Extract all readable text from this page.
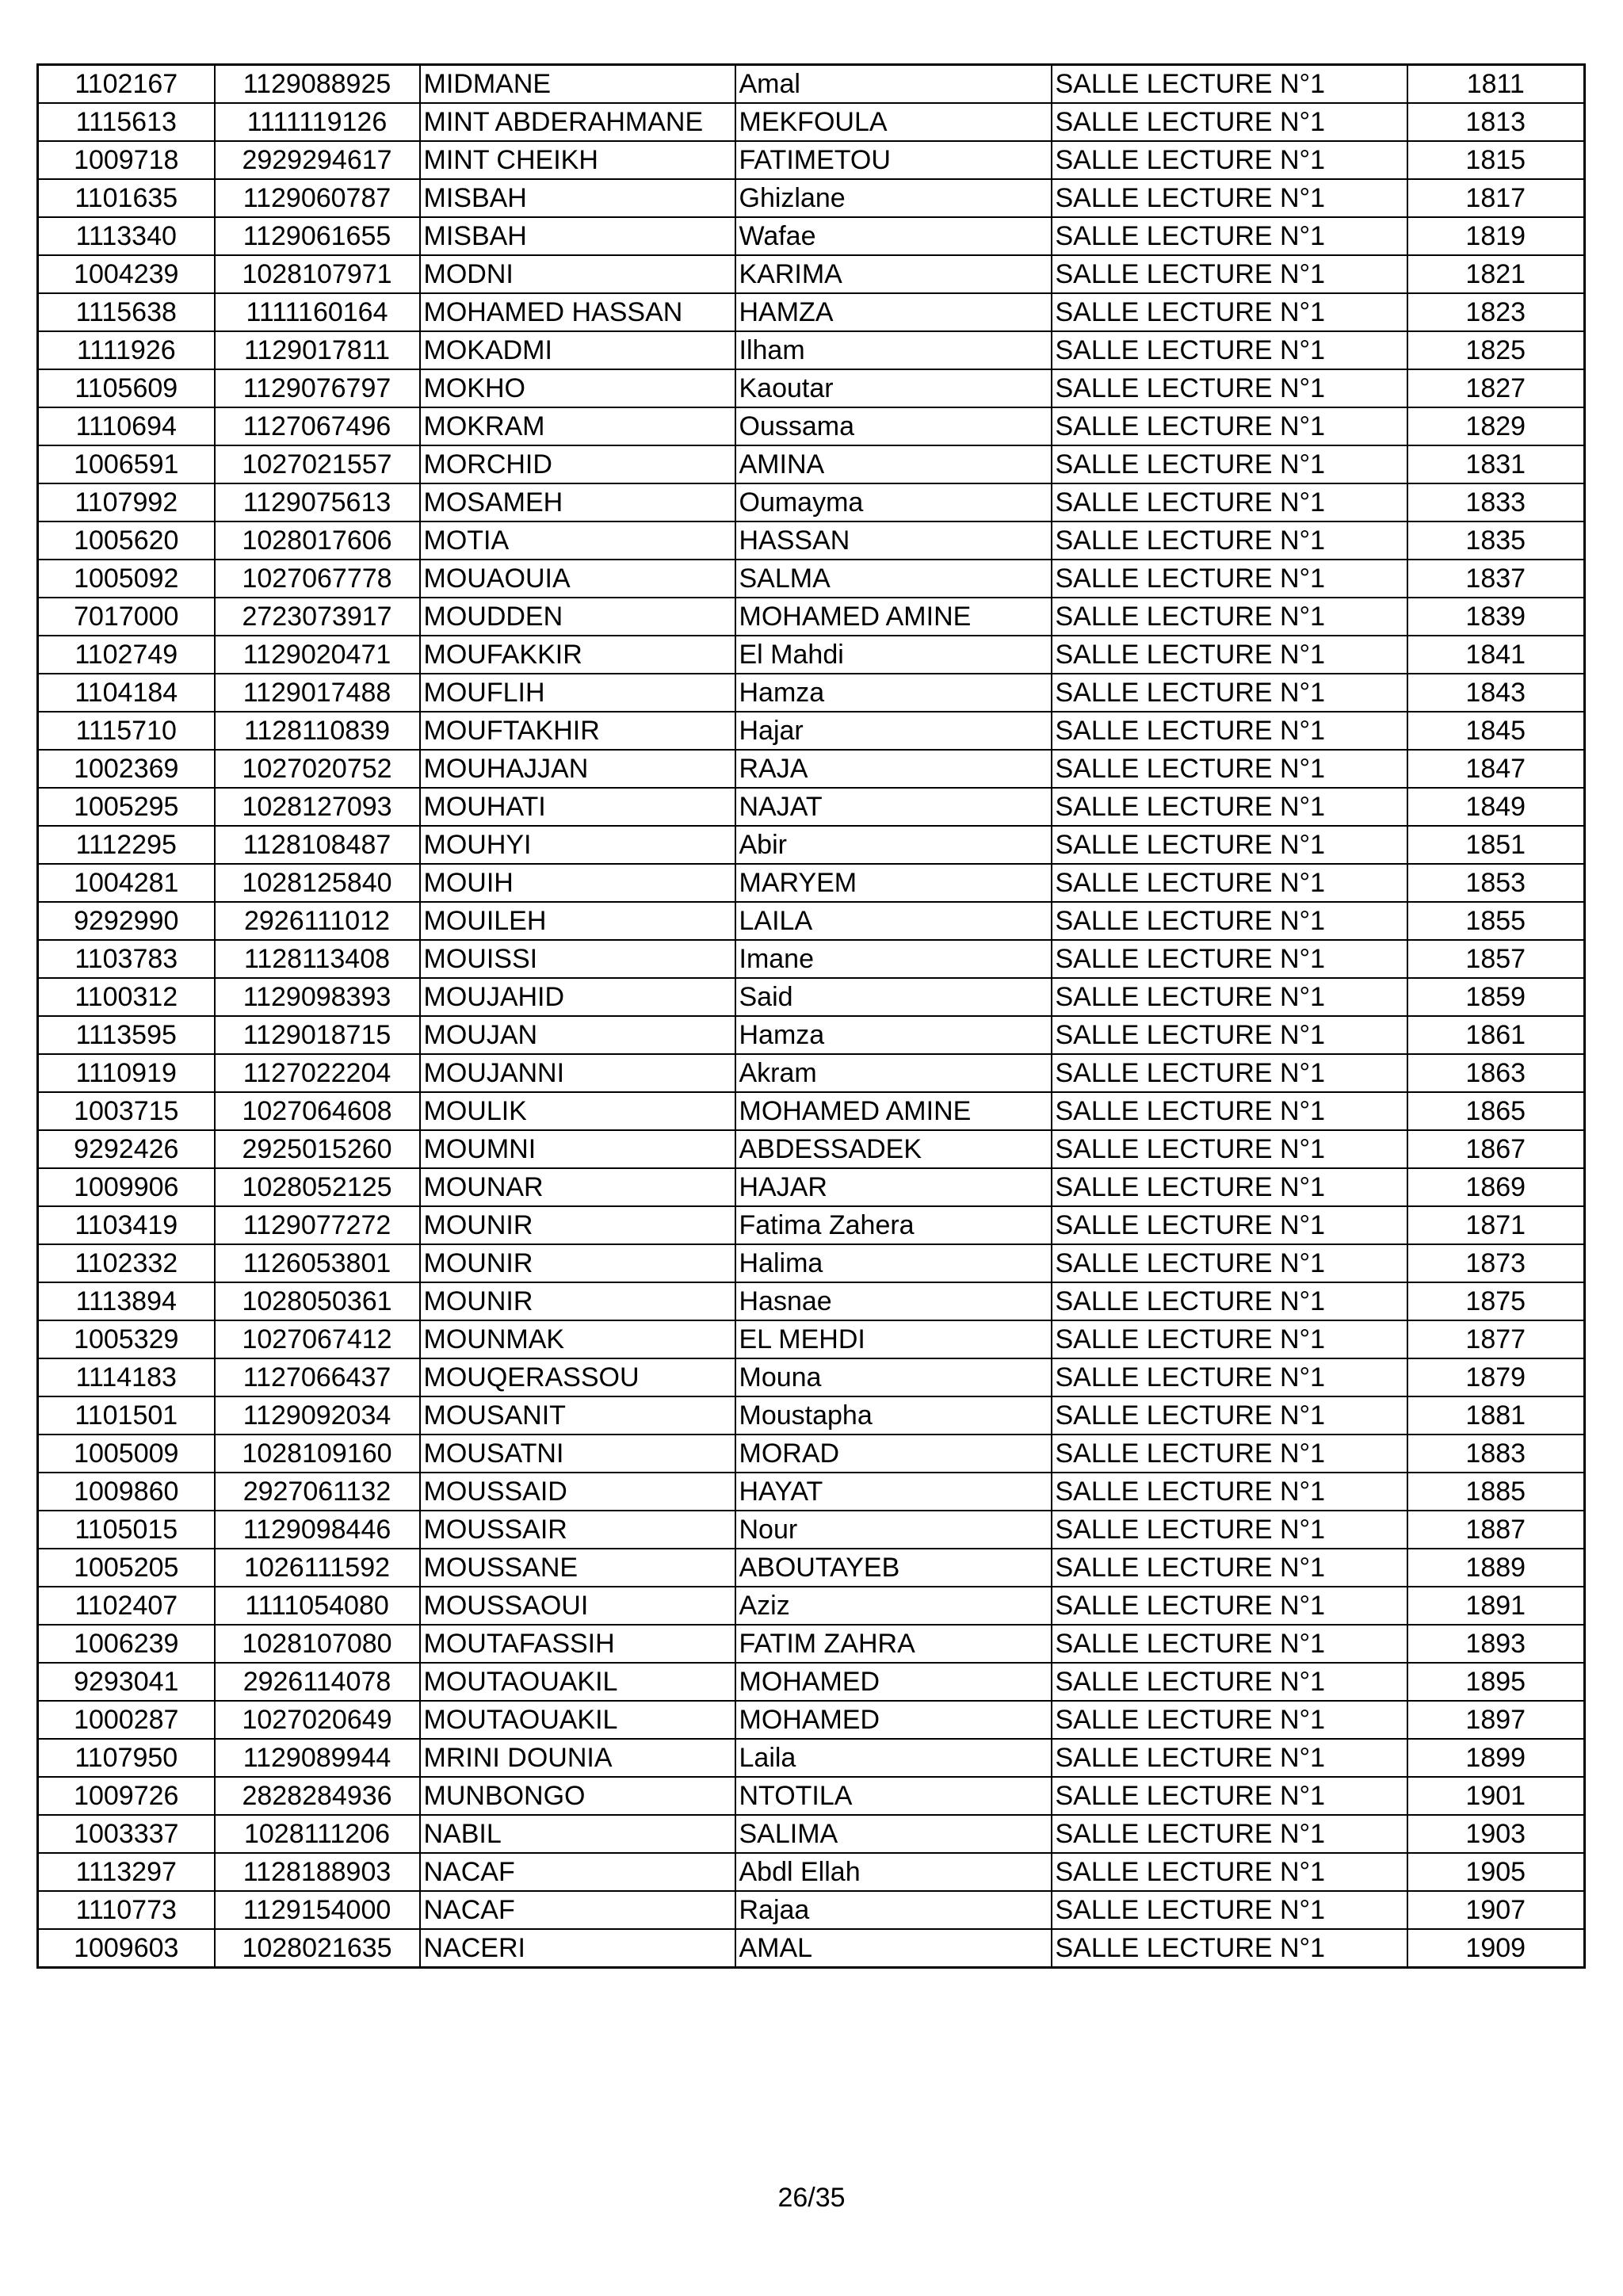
1102167	1129088925	MIDMANE	Amal	SALLE LECTURE N°1	1811
1115613	1111119126	MINT ABDERAHMANE	MEKFOULA	SALLE LECTURE N°1	1813
1009718	2929294617	MINT CHEIKH	FATIMETOU	SALLE LECTURE N°1	1815
1101635	1129060787	MISBAH	Ghizlane	SALLE LECTURE N°1	1817
1113340	1129061655	MISBAH	Wafae	SALLE LECTURE N°1	1819
1004239	1028107971	MODNI	KARIMA	SALLE LECTURE N°1	1821
1115638	1111160164	MOHAMED HASSAN	HAMZA	SALLE LECTURE N°1	1823
1111926	1129017811	MOKADMI	Ilham	SALLE LECTURE N°1	1825
1105609	1129076797	MOKHO	Kaoutar	SALLE LECTURE N°1	1827
1110694	1127067496	MOKRAM	Oussama	SALLE LECTURE N°1	1829
1006591	1027021557	MORCHID	AMINA	SALLE LECTURE N°1	1831
1107992	1129075613	MOSAMEH	Oumayma	SALLE LECTURE N°1	1833
1005620	1028017606	MOTIA	HASSAN	SALLE LECTURE N°1	1835
1005092	1027067778	MOUAOUIA	SALMA	SALLE LECTURE N°1	1837
7017000	2723073917	MOUDDEN	MOHAMED AMINE	SALLE LECTURE N°1	1839
1102749	1129020471	MOUFAKKIR	El Mahdi	SALLE LECTURE N°1	1841
1104184	1129017488	MOUFLIH	Hamza	SALLE LECTURE N°1	1843
1115710	1128110839	MOUFTAKHIR	Hajar	SALLE LECTURE N°1	1845
1002369	1027020752	MOUHAJJAN	RAJA	SALLE LECTURE N°1	1847
1005295	1028127093	MOUHATI	NAJAT	SALLE LECTURE N°1	1849
1112295	1128108487	MOUHYI	Abir	SALLE LECTURE N°1	1851
1004281	1028125840	MOUIH	MARYEM	SALLE LECTURE N°1	1853
9292990	2926111012	MOUILEH	LAILA	SALLE LECTURE N°1	1855
1103783	1128113408	MOUISSI	Imane	SALLE LECTURE N°1	1857
1100312	1129098393	MOUJAHID	Said	SALLE LECTURE N°1	1859
1113595	1129018715	MOUJAN	Hamza	SALLE LECTURE N°1	1861
1110919	1127022204	MOUJANNI	Akram	SALLE LECTURE N°1	1863
1003715	1027064608	MOULIK	MOHAMED AMINE	SALLE LECTURE N°1	1865
9292426	2925015260	MOUMNI	ABDESSADEK	SALLE LECTURE N°1	1867
1009906	1028052125	MOUNAR	HAJAR	SALLE LECTURE N°1	1869
1103419	1129077272	MOUNIR	Fatima Zahera	SALLE LECTURE N°1	1871
1102332	1126053801	MOUNIR	Halima	SALLE LECTURE N°1	1873
1113894	1028050361	MOUNIR	Hasnae	SALLE LECTURE N°1	1875
1005329	1027067412	MOUNMAK	EL MEHDI	SALLE LECTURE N°1	1877
1114183	1127066437	MOUQERASSOU	Mouna	SALLE LECTURE N°1	1879
1101501	1129092034	MOUSANIT	Moustapha	SALLE LECTURE N°1	1881
1005009	1028109160	MOUSATNI	MORAD	SALLE LECTURE N°1	1883
1009860	2927061132	MOUSSAID	HAYAT	SALLE LECTURE N°1	1885
1105015	1129098446	MOUSSAIR	Nour	SALLE LECTURE N°1	1887
1005205	1026111592	MOUSSANE	ABOUTAYEB	SALLE LECTURE N°1	1889
1102407	1111054080	MOUSSAOUI	Aziz	SALLE LECTURE N°1	1891
1006239	1028107080	MOUTAFASSIH	FATIM ZAHRA	SALLE LECTURE N°1	1893
9293041	2926114078	MOUTAOUAKIL	MOHAMED	SALLE LECTURE N°1	1895
1000287	1027020649	MOUTAOUAKIL	MOHAMED	SALLE LECTURE N°1	1897
1107950	1129089944	MRINI DOUNIA	Laila	SALLE LECTURE N°1	1899
1009726	2828284936	MUNBONGO	NTOTILA	SALLE LECTURE N°1	1901
1003337	1028111206	NABIL	SALIMA	SALLE LECTURE N°1	1903
1113297	1128188903	NACAF	Abdl Ellah	SALLE LECTURE N°1	1905
1110773	1129154000	NACAF	Rajaa	SALLE LECTURE N°1	1907
1009603	1028021635	NACERI	AMAL	SALLE LECTURE N°1	1909
26/35
